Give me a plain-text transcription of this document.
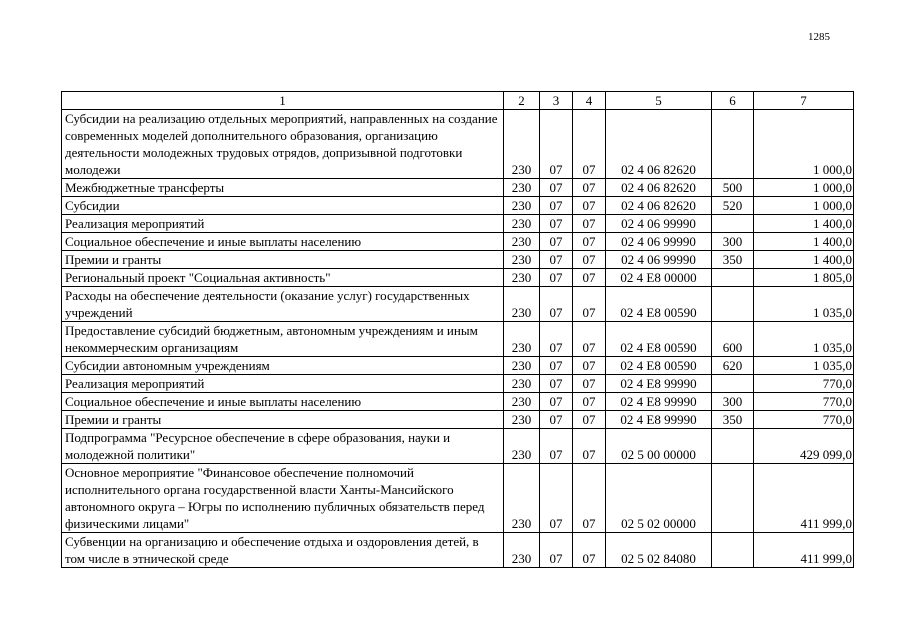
1285
1	2	3	4	5	6	7
Субсидии на реализацию отдельных мероприятий, направленных на создание современных моделей дополнительного образования, организацию деятельности молодежных трудовых отрядов, допризывной подготовки молодежи	230	07	07	02 4 06 82620		1 000,0
Межбюджетные трансферты	230	07	07	02 4 06 82620	500	1 000,0
Субсидии	230	07	07	02 4 06 82620	520	1 000,0
Реализация мероприятий	230	07	07	02 4 06 99990		1 400,0
Социальное обеспечение и иные выплаты населению	230	07	07	02 4 06 99990	300	1 400,0
Премии и гранты	230	07	07	02 4 06 99990	350	1 400,0
Региональный проект "Социальная активность"	230	07	07	02 4 E8 00000		1 805,0
Расходы на обеспечение деятельности (оказание услуг) государственных учреждений	230	07	07	02 4 E8 00590		1 035,0
Предоставление субсидий бюджетным, автономным учреждениям и иным некоммерческим организациям	230	07	07	02 4 E8 00590	600	1 035,0
Субсидии автономным учреждениям	230	07	07	02 4 E8 00590	620	1 035,0
Реализация мероприятий	230	07	07	02 4 E8 99990		770,0
Социальное обеспечение и иные выплаты населению	230	07	07	02 4 E8 99990	300	770,0
Премии и гранты	230	07	07	02 4 E8 99990	350	770,0
Подпрограмма "Ресурсное обеспечение в сфере образования, науки и молодежной политики"	230	07	07	02 5 00 00000		429 099,0
Основное мероприятие "Финансовое обеспечение полномочий исполнительного органа государственной власти Ханты-Мансийского автономного округа – Югры по исполнению публичных обязательств перед физическими лицами"	230	07	07	02 5 02 00000		411 999,0
Субвенции на организацию и обеспечение отдыха и оздоровления детей, в том числе в этнической среде	230	07	07	02 5 02 84080		411 999,0
